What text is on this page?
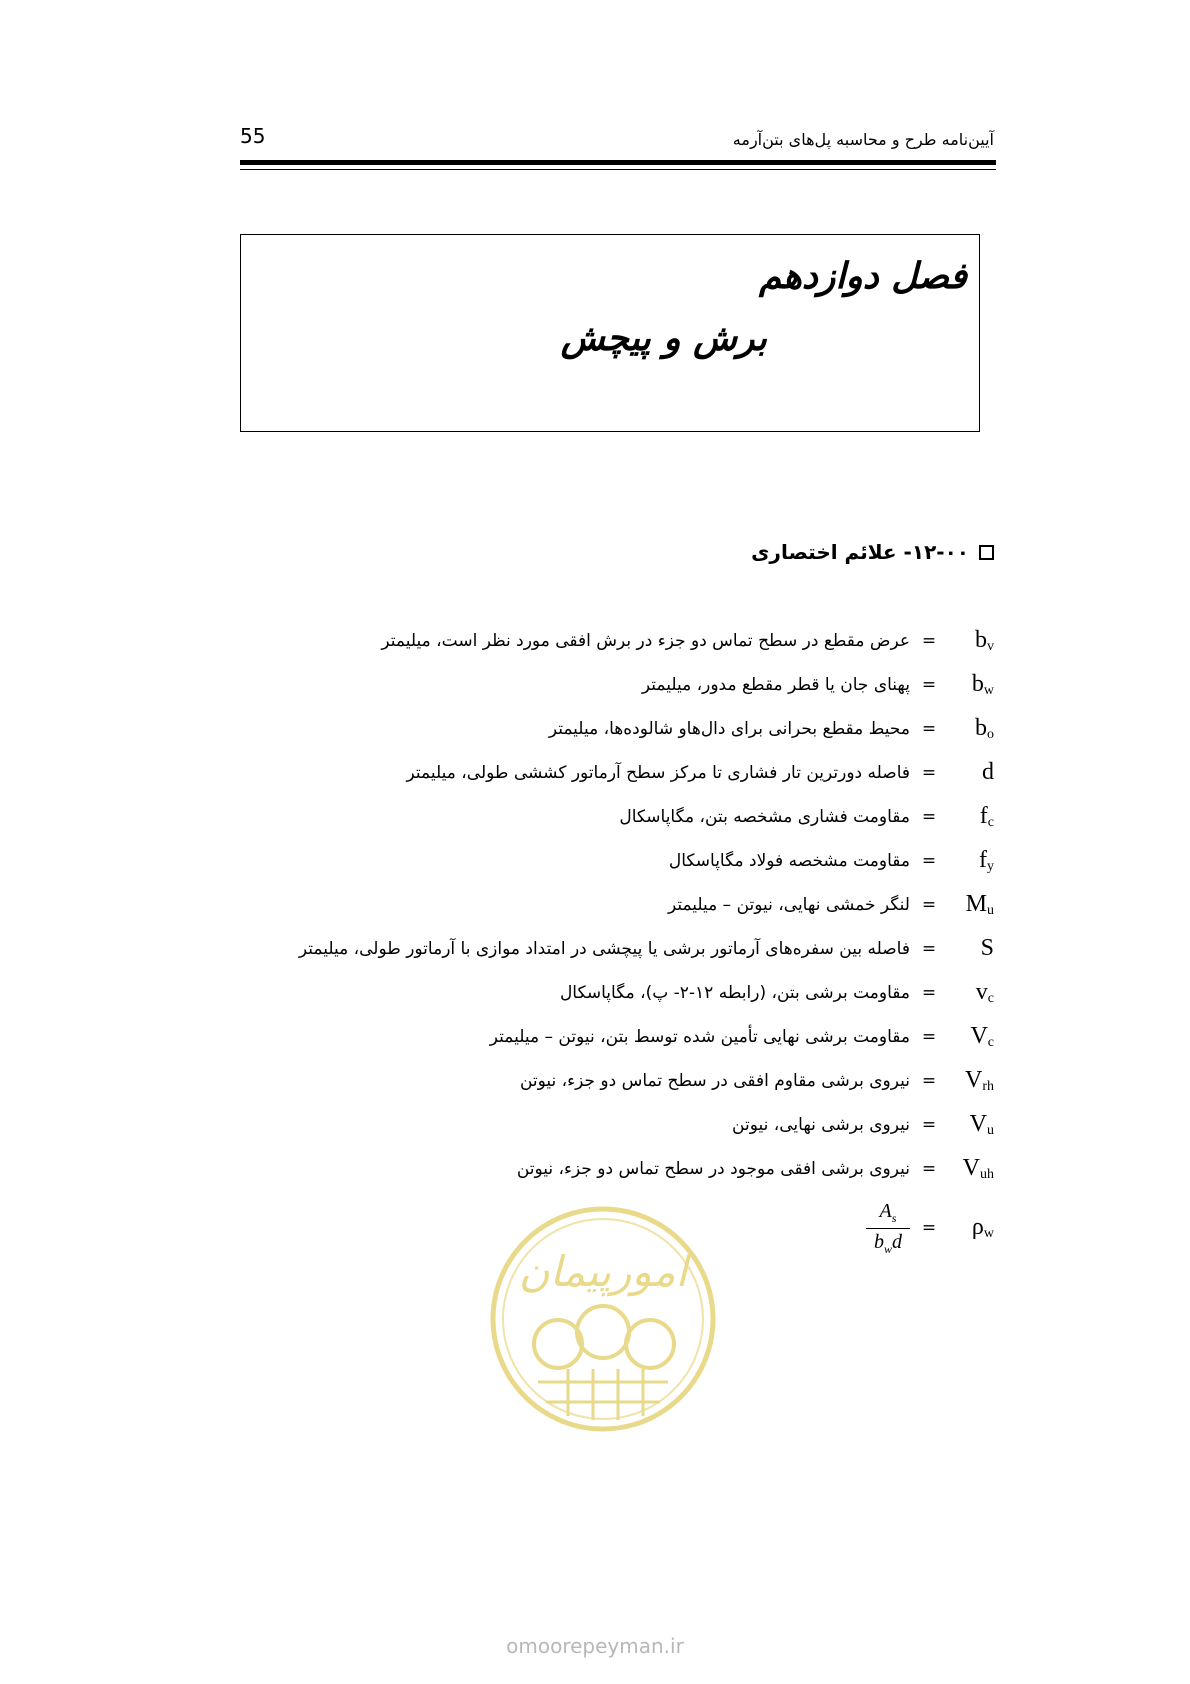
55	آیین‌نامه طرح و محاسبه پل‌های بتن‌آرمه
فصل دوازدهم
برش و پیچش
۱۲-۰۰- علائم اختصاری
عرض مقطع در سطح تماس دو جزء در برش افقی مورد نظر است، میلیمتر =	$b_v$
پهنای جان یا قطر مقطع مدور، میلیمتر =	$b_w$
محیط مقطع بحرانی برای دال‌هاو شالوده‌ها، میلیمتر =	$b_o$
فاصله دورترین تار فشاری تا مرکز سطح آرماتور کششی طولی، میلیمتر =	d
مقاومت فشاری مشخصه بتن، مگاپاسکال =	$f_c$
مقاومت مشخصه فولاد مگاپاسکال =	$f_y$
لنگر خمشی نهایی، نیوتن – میلیمتر =	$M_u$
فاصله بین سفره‌های آرماتور برشی یا پیچشی در امتداد موازی با آرماتور طولی، میلیمتر =	S
مقاومت برشی بتن، (رابطه ۱۲-۲- پ)، مگاپاسکال =	$v_c$
مقاومت برشی نهایی تأمین شده توسط بتن، نیوتن – میلیمتر =	$V_c$
نیروی برشی مقاوم افقی در سطح تماس دو جزء، نیوتن =	$V_{rh}$
نیروی برشی نهایی، نیوتن =	$V_u$
نیروی برشی افقی موجود در سطح تماس دو جزء، نیوتن =	$V_{uh}$
$\frac{A_s}{b_wd}$ =	$\rho_w$
امورپیمان
omoorepeyman.ir
